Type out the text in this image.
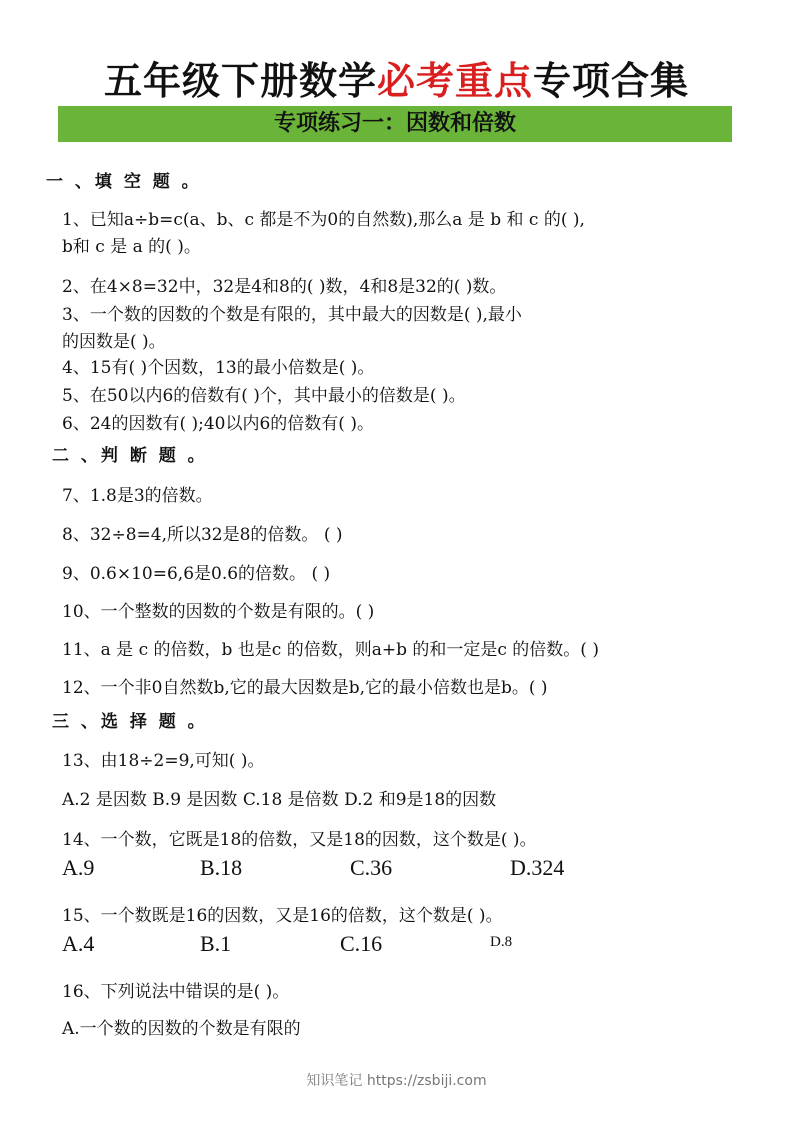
五年级下册数学必考重点专项合集
专项练习一：因数和倍数
一 、填 空 题 。
1、已知a÷b=c(a、b、c 都是不为0的自然数),那么a 是 b 和 c 的( ),
b和 c 是 a 的( )。
2、在4×8=32中，32是4和8的( )数，4和8是32的( )数。
3、一个数的因数的个数是有限的，其中最大的因数是( ),最小
的因数是( )。
4、15有( )个因数，13的最小倍数是( )。
5、在50以内6的倍数有( )个，其中最小的倍数是( )。
6、24的因数有( );40以内6的倍数有( )。
二 、判 断 题 。
7、1.8是3的倍数。
8、32÷8=4,所以32是8的倍数。 ( )
9、0.6×10=6,6是0.6的倍数。 ( )
10、一个整数的因数的个数是有限的。( )
11、a 是 c 的倍数，b 也是c 的倍数，则a+b 的和一定是c 的倍数。( )
12、一个非0自然数b,它的最大因数是b,它的最小倍数也是b。( )
三 、选 择 题 。
13、由18÷2=9,可知( )。
A.2 是因数 B.9 是因数 C.18 是倍数 D.2 和9是18的因数
14、一个数，它既是18的倍数，又是18的因数，这个数是( )。
A.9	B.18	C.36	D.324
15、一个数既是16的因数，又是16的倍数，这个数是( )。
A.4	B.1	C.16	D.8
16、下列说法中错误的是( )。
A.一个数的因数的个数是有限的
知识笔记 https://zsbiji.com
